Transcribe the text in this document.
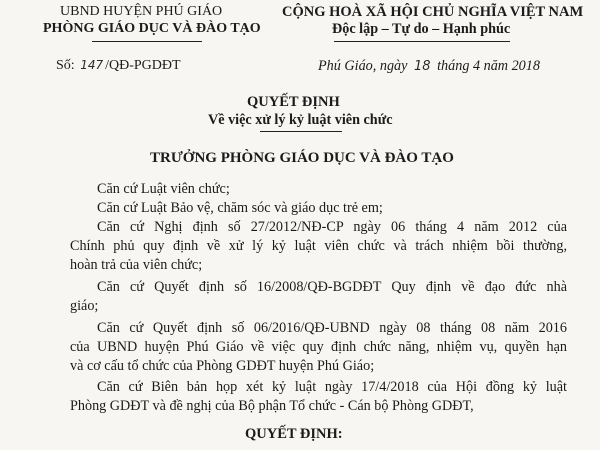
UBND HUYỆN PHÚ GIÁO
PHÒNG GIÁO DỤC VÀ ĐÀO TẠO
Số: 147 /QĐ-PGDĐT
CỘNG HOÀ XÃ HỘI CHỦ NGHĨA VIỆT NAM
Độc lập – Tự do – Hạnh phúc
Phú Giáo, ngày 18 tháng 4 năm 2018
QUYẾT ĐỊNH
Về việc xử lý kỷ luật viên chức
TRƯỞNG PHÒNG GIÁO DỤC VÀ ĐÀO TẠO
Căn cứ Luật viên chức;
Căn cứ Luật Bảo vệ, chăm sóc và giáo dục trẻ em;
Căn cứ Nghị định số 27/2012/NĐ-CP ngày 06 tháng 4 năm 2012 của
Chính phủ quy định về xử lý kỷ luật viên chức và trách nhiệm bồi thường,
hoàn trả của viên chức;
Căn cứ Quyết định số 16/2008/QĐ-BGDĐT Quy định về đạo đức nhà
giáo;
Căn cứ Quyết định số 06/2016/QĐ-UBND ngày 08 tháng 08 năm 2016
của UBND huyện Phú Giáo về việc quy định chức năng, nhiệm vụ, quyền hạn
và cơ cấu tổ chức của Phòng GDĐT huyện Phú Giáo;
Căn cứ Biên bản họp xét kỷ luật ngày 17/4/2018 của Hội đồng kỷ luật
Phòng GDĐT và đề nghị của Bộ phận Tổ chức - Cán bộ Phòng GDĐT,
QUYẾT ĐỊNH:
